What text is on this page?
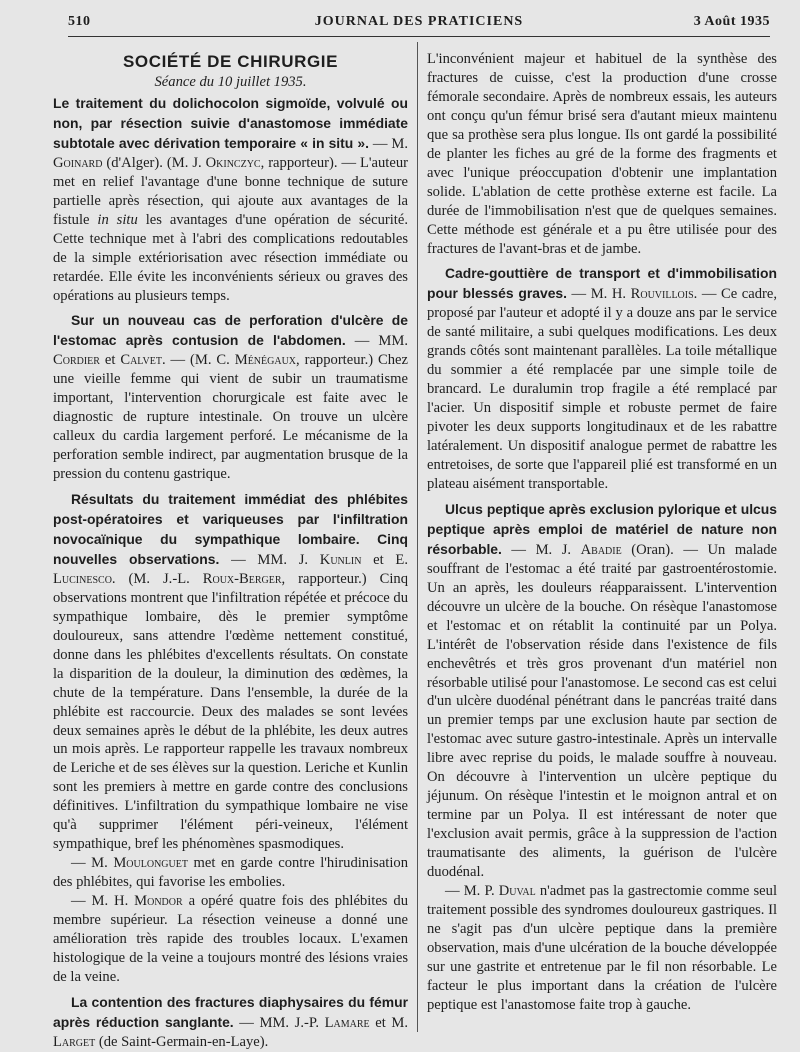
510	JOURNAL DES PRATICIENS	3 Août 1935
SOCIÉTÉ DE CHIRURGIE
Séance du 10 juillet 1935.

Le traitement du dolichocolon sigmoïde, volvulé ou non, par résection suivie d'anastomose immédiate subtotale avec dérivation temporaire « in situ ». — M. Goinard (d'Alger). (M. J. Okinczyc, rapporteur). — L'auteur met en relief l'avantage d'une bonne technique de suture partielle après résection, qui ajoute aux avantages de la fistule in situ les avantages d'une opération de sécurité. Cette technique met à l'abri des complications redoutables de la simple extériorisation avec résection immédiate ou retardée. Elle évite les inconvénients sérieux ou graves des opérations au plusieurs temps.

Sur un nouveau cas de perforation d'ulcère de l'estomac après contusion de l'abdomen. — MM. Cordier et Calvet. — (M. C. Ménégaux, rapporteur.) Chez une vieille femme qui vient de subir un traumatisme important, l'intervention chorurgicale est faite avec le diagnostic de rupture intestinale. On trouve un ulcère calleux du cardia largement perforé. Le mécanisme de la perforation semble indirect, par augmentation brusque de la pression du contenu gastrique.

Résultats du traitement immédiat des phlébites post-opératoires et variqueuses par l'infiltration novocaïnique du sympathique lombaire. Cinq nouvelles observations. — MM. J. Kunlin et E. Lucinesco. (M. J.-L. Roux-Berger, rapporteur.) Cinq observations montrent que l'infiltration répétée et précoce du sympathique lombaire, dès le premier symptôme douloureux, sans attendre l'œdème nettement constitué, donne dans les phlébites d'excellents résultats. On constate la disparition de la douleur, la diminution des œdèmes, la chute de la température. Dans l'ensemble, la durée de la phlébite est raccourcie. Deux des malades se sont levées deux semaines après le début de la phlébite, les deux autres un mois après. Le rapporteur rappelle les travaux nombreux de Leriche et de ses élèves sur la question. Leriche et Kunlin sont les premiers à mettre en garde contre des conclusions définitives. L'infiltration du sympathique lombaire ne vise qu'à supprimer l'élément péri-veineux, l'élément sympathique, bref les phénomènes spasmodiques.

— M. Moulonguet met en garde contre l'hirudinisation des phlébites, qui favorise les embolies.

— M. H. Mondor a opéré quatre fois des phlébites du membre supérieur. La résection veineuse a donné une amélioration très rapide des troubles locaux. L'examen histologique de la veine a toujours montré des lésions vraies de la veine.

La contention des fractures diaphysaires du fémur après réduction sanglante. — MM. J.-P. Lamare et M. Larget (de Saint-Germain-en-Laye).

L'inconvénient majeur et habituel de la synthèse des fractures de cuisse, c'est la production d'une crosse fémorale secondaire. Après de nombreux essais, les auteurs ont conçu qu'un fémur brisé sera d'autant mieux maintenu que sa prothèse sera plus longue. Ils ont gardé la possibilité de planter les fiches au gré de la forme des fragments et avec l'unique préoccupation d'obtenir une implantation solide. L'ablation de cette prothèse externe est facile. La durée de l'immobilisation n'est que de quelques semaines. Cette méthode est générale et a pu être utilisée pour des fractures de l'avant-bras et de jambe.

Cadre-gouttière de transport et d'immobilisation pour blessés graves. — M. H. Rouvillois. — Ce cadre, proposé par l'auteur et adopté il y a douze ans par le service de santé militaire, a subi quelques modifications. Les deux grands côtés sont maintenant parallèles. La toile métallique du sommier a été remplacée par une simple toile de brancard. Le duralumin trop fragile a été remplacé par l'acier. Un dispositif simple et robuste permet de faire pivoter les deux supports longitudinaux et de les rabattre latéralement. Un dispositif analogue permet de rabattre les entretoises, de sorte que l'appareil plié est transformé en un plateau aisément transportable.

Ulcus peptique après exclusion pylorique et ulcus peptique après emploi de matériel de nature non résorbable. — M. J. Abadie (Oran). — Un malade souffrant de l'estomac a été traité par gastroentérostomie. Un an après, les douleurs réapparaissent. L'intervention découvre un ulcère de la bouche. On résèque l'anastomose et l'estomac et on rétablit la continuité par un Polya. L'intérêt de l'observation réside dans l'existence de fils enchevêtrés et très gros provenant d'un matériel non résorbable utilisé pour l'anastomose. Le second cas est celui d'un ulcère duodénal pénétrant dans le pancréas traité dans un premier temps par une exclusion haute par section de l'estomac avec suture gastro-intestinale. Après un intervalle libre avec reprise du poids, le malade souffre à nouveau. On découvre à l'intervention un ulcère peptique du jéjunum. On résèque l'intestin et le moignon antral et on termine par un Polya. Il est intéressant de noter que l'exclusion avait permis, grâce à la suppression de l'action traumatisante des aliments, la guérison de l'ulcère duodénal.

— M. P. Duval n'admet pas la gastrectomie comme seul traitement possible des syndromes douloureux gastriques. Il ne s'agit pas d'un ulcère peptique dans la première observation, mais d'une ulcération de la bouche développée sur une gastrite et entretenue par le fil non résorbable. Le facteur le plus important dans la création de l'ulcère peptique est l'anastomose faite trop à gauche.
